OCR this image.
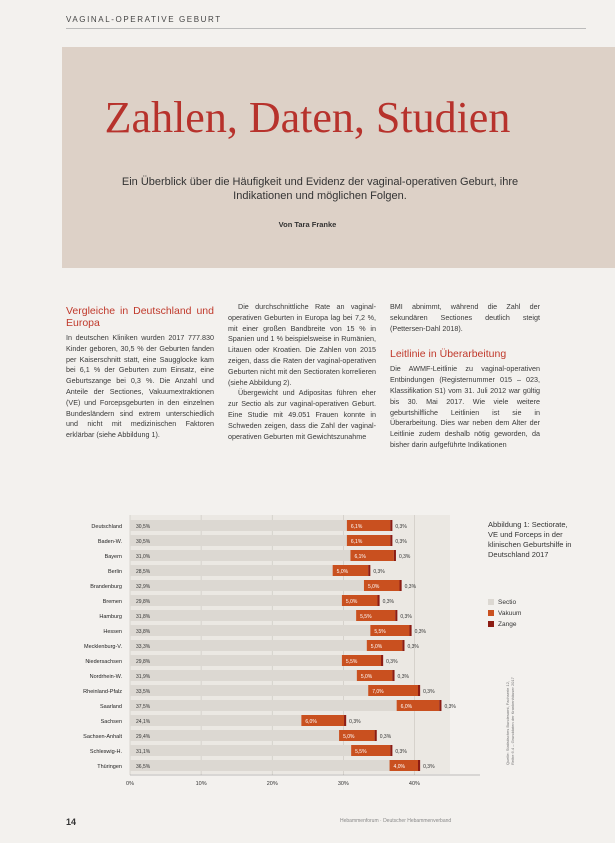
VAGINAL-OPERATIVE GEBURT
Zahlen, Daten, Studien
Ein Überblick über die Häufigkeit und Evidenz der vaginal-operativen Geburt, ihre Indikationen und möglichen Folgen.
Von Tara Franke
Vergleiche in Deutschland und Europa

In deutschen Kliniken wurden 2017 777.830 Kinder geboren, 30,5 % der Geburten fanden per Kaiserschnitt statt, eine Saugglocke kam bei 6,1 % der Geburten zum Einsatz, eine Geburtszange bei 0,3 %. Die Anzahl und Anteile der Sectiones, Vakuumextraktionen (VE) und Forcepsgeburten in den einzelnen Bundesländern sind extrem unterschiedlich und nicht mit medizinischen Faktoren erklärbar (siehe Abbildung 1).

Die durchschnittliche Rate an vaginal-operativen Geburten in Europa lag bei 7,2 %, mit einer großen Bandbreite von 15 % in Spanien und 1 % beispielsweise in Rumänien, Litauen oder Kroatien. Die Zahlen von 2015 zeigen, dass die Raten der vaginal-operativen Geburten nicht mit den Sectioraten korrelieren (siehe Abbildung 2).

Übergewicht und Adipositas führen eher zur Sectio als zur vaginal-operativen Geburt. Eine Studie mit 49.051 Frauen konnte in Schweden zeigen, dass die Zahl der vaginal-operativen Geburten mit Gewichtszunahme

BMI abnimmt, während die Zahl der sekundären Sectiones deutlich steigt (Pettersen-Dahl 2018).

Leitlinie in Überarbeitung

Die AWMF-Leitlinie zu vaginal-operativen Entbindungen (Registernummer 015 – 023, Klassifikation S1) vom 31. Juli 2012 war gültig bis 30. Mai 2017. Wie viele weitere geburtshilfliche Leitlinien ist sie in Überarbeitung. Dies war neben dem Alter der Leitlinie zudem deshalb nötig geworden, da bisher darin aufgeführte Indikationen

0%	10%	20%	30%	40%
Deutschland	30,5%	6,1%	0,3%
Baden-W.	30,5%	6,1%	0,3%
Bayern	31,0%	6,1%	0,3%
Berlin	28,5%	5,0%	0,3%
Brandenburg	32,9%	5,0%	0,3%
Bremen	29,8%	5,0%	0,3%
Hamburg	31,8%	5,5%	0,3%
Hessen	33,8%	5,5%	0,3%
Mecklenburg-V.	33,3%	5,0%	0,3%
Niedersachsen	29,8%	5,5%	0,3%
Nordrhein-W.	31,9%	5,0%	0,3%
Rheinland-Pfalz	33,5%	7,0%	0,3%
Saarland	37,5%	6,0%	0,3%
Sachsen	24,1%	6,0%	0,3%
Sachsen-Anhalt	29,4%	5,0%	0,3%
Schleswig-H.	31,1%	5,5%	0,3%
Thüringen	36,5%	4,0%	0,3%
Abbildung 1: Sectiorate, VE und Forceps in der klinischen Geburtshilfe in Deutschland 2017
Sectio
Vakuum
Zange
Quelle: Statistisches Bundesamt, Fachserie 12, Reihe 6.4 – Grunddaten der Krankenhäuser 2017
14	Hebammenforum · Deutscher Hebammenverband
